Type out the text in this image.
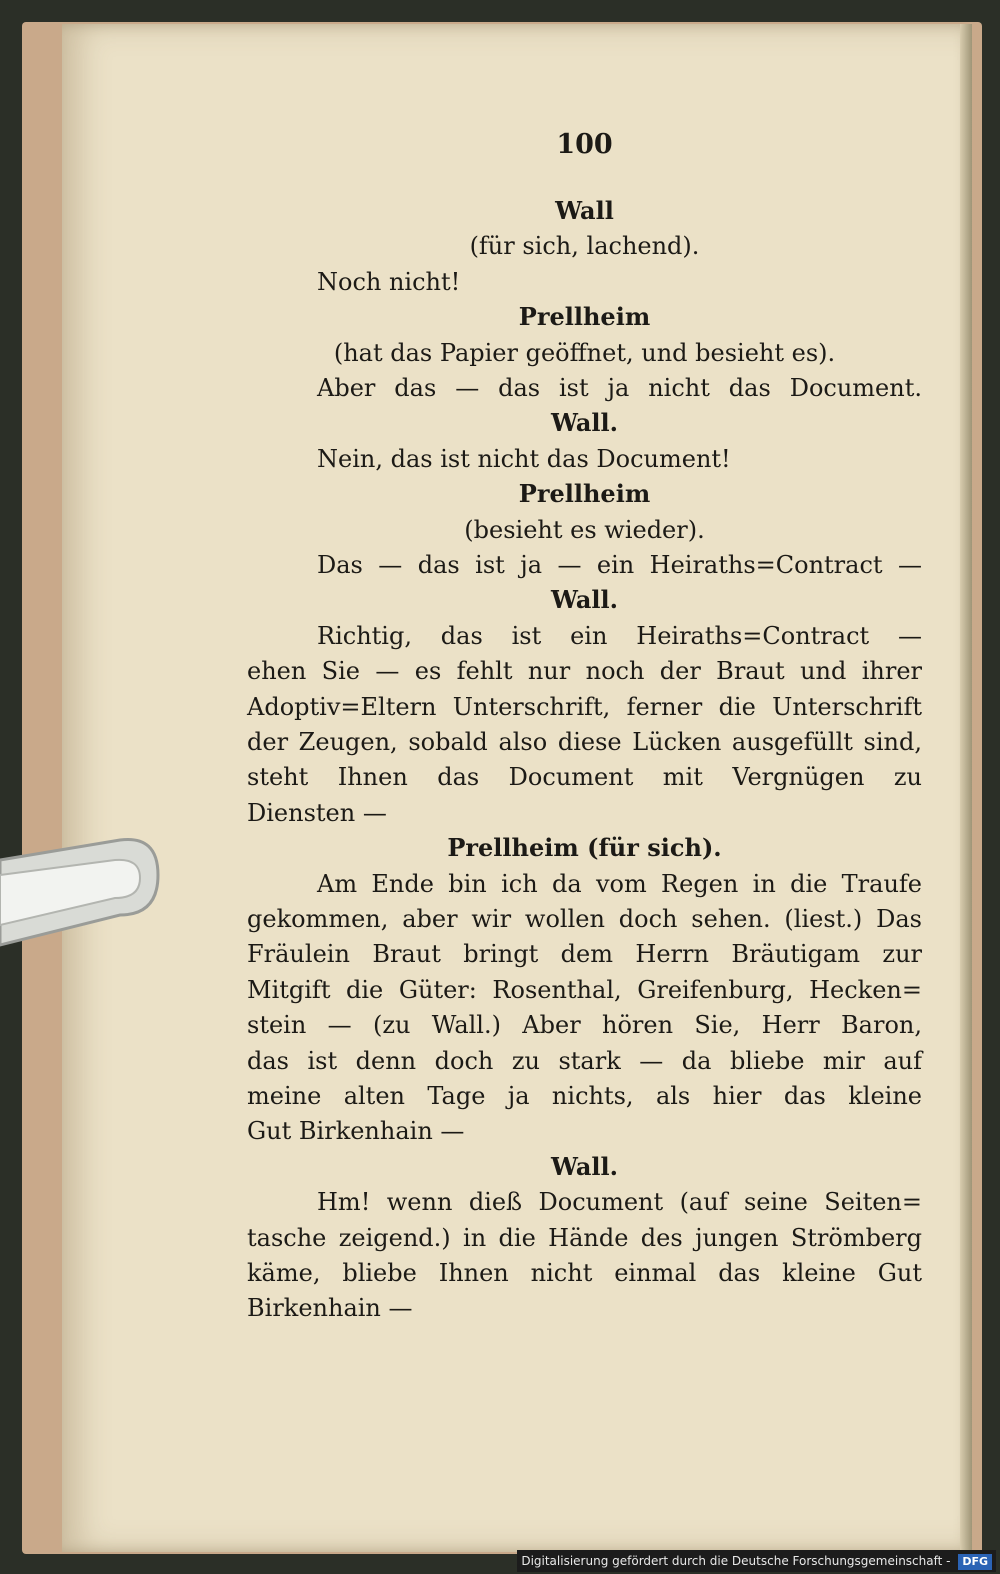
100
Wall
(für sich, lachend).
Noch nicht!
Prellheim
(hat das Papier geöffnet, und besieht es).
Aber das — das ist ja nicht das Document.
Wall.
Nein, das ist nicht das Document!
Prellheim
(besieht es wieder).
Das — das ist ja — ein Heiraths=Contract —
Wall.
Richtig, das ist ein Heiraths=Contract —
ehen Sie — es fehlt nur noch der Braut und ihrer
Adoptiv=Eltern Unterschrift, ferner die Unterschrift
der Zeugen, sobald also diese Lücken ausgefüllt sind,
steht Ihnen das Document mit Vergnügen zu
Diensten —
Prellheim (für sich).
Am Ende bin ich da vom Regen in die Traufe
gekommen, aber wir wollen doch sehen. (liest.) Das
Fräulein Braut bringt dem Herrn Bräutigam zur
Mitgift die Güter: Rosenthal, Greifenburg, Hecken=
stein — (zu Wall.) Aber hören Sie, Herr Baron,
das ist denn doch zu stark — da bliebe mir auf
meine alten Tage ja nichts, als hier das kleine
Gut Birkenhain —
Wall.
Hm! wenn dieß Document (auf seine Seiten=
tasche zeigend.) in die Hände des jungen Strömberg
käme, bliebe Ihnen nicht einmal das kleine Gut
Birkenhain —
Digitalisierung gefördert durch die Deutsche Forschungsgemeinschaft - DFG
